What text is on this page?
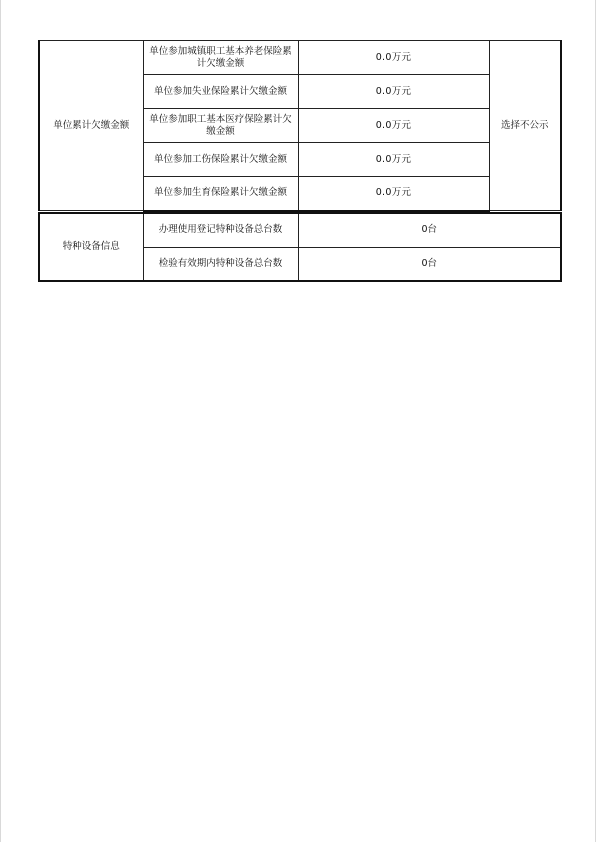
单位累计欠缴金额	单位参加城镇职工基本养老保险累计欠缴金额	0.0万元	选择不公示
	单位参加失业保险累计欠缴金额	0.0万元	
	单位参加职工基本医疗保险累计欠缴金额	0.0万元	
	单位参加工伤保险累计欠缴金额	0.0万元	
	单位参加生育保险累计欠缴金额	0.0万元	
特种设备信息	办理使用登记特种设备总台数	0台
	检验有效期内特种设备总台数	0台
